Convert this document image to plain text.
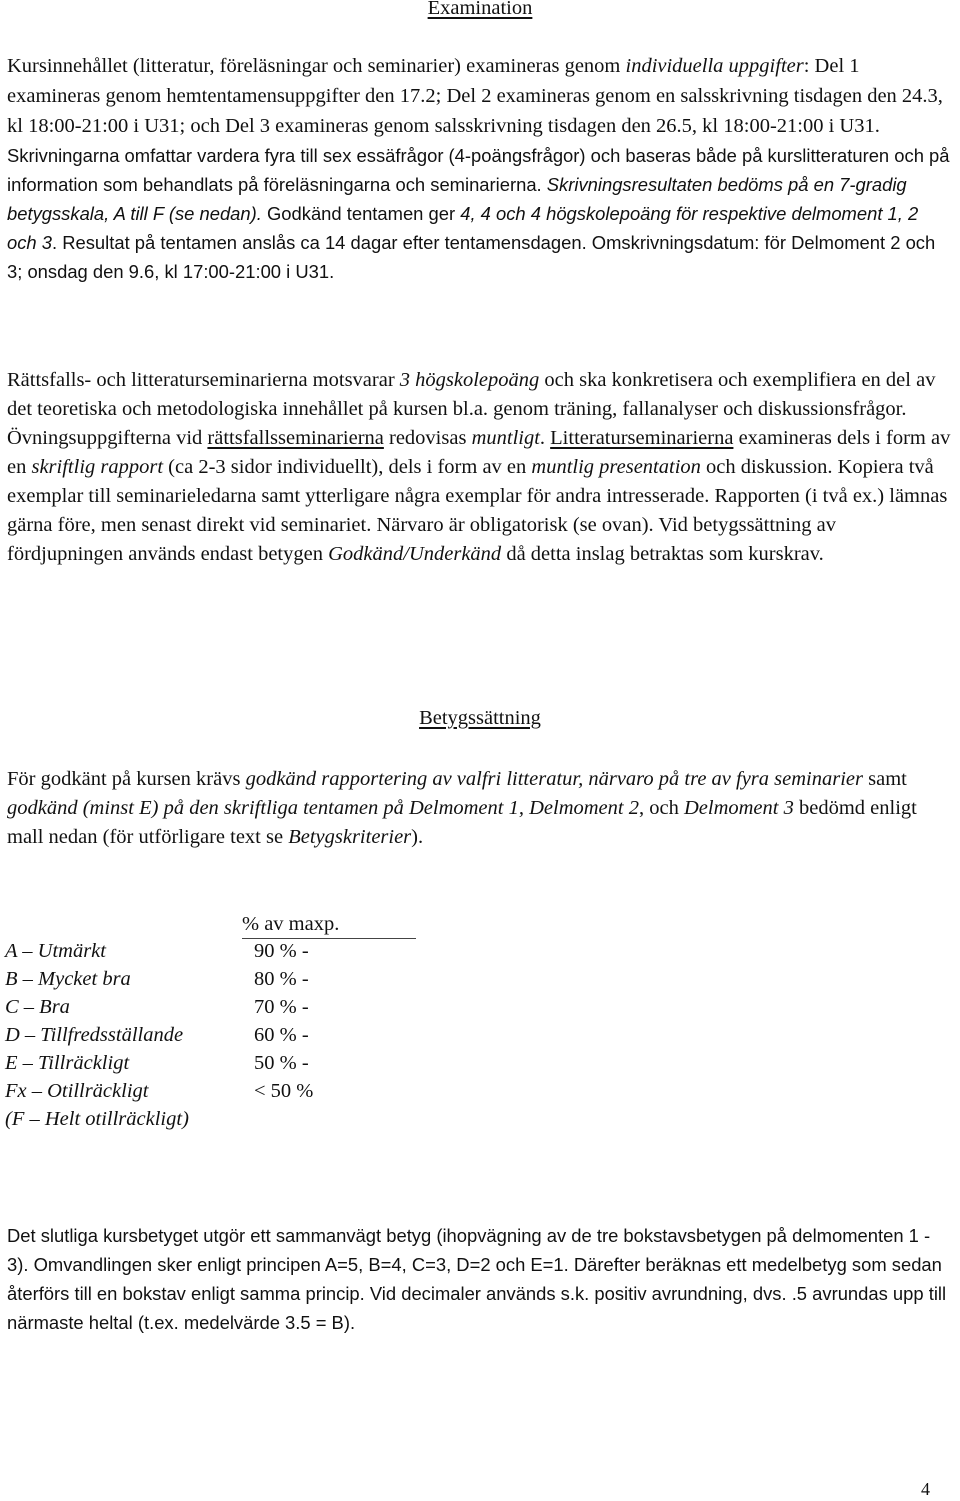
Examination

Kursinnehållet (litteratur, föreläsningar och seminarier) examineras genom individuella uppgifter: Del 1 examineras genom hemtentamensuppgifter den 17.2; Del 2 examineras genom en salsskrivning tisdagen den 24.3, kl 18:00-21:00 i U31; och Del 3 examineras genom salsskrivning tisdagen den 26.5, kl 18:00-21:00 i U31. Skrivningarna omfattar vardera fyra till sex essäfrågor (4-poängsfrågor) och baseras både på kurslitteraturen och på information som behandlats på föreläsningarna och seminarierna. Skrivningsresultaten bedöms på en 7-gradig betygsskala, A till F (se nedan). Godkänd tentamen ger 4, 4 och 4 högskolepoäng för respektive delmoment 1, 2 och 3. Resultat på tentamen anslås ca 14 dagar efter tentamensdagen. Omskrivningsdatum: för Delmoment 2 och 3; onsdag den 9.6, kl 17:00-21:00 i U31.

Rättsfalls- och litteraturseminarierna motsvarar 3 högskolepoäng och ska konkretisera och exemplifiera en del av det teoretiska och metodologiska innehållet på kursen bl.a. genom träning, fallanalyser och diskussionsfrågor. Övningsuppgifterna vid rättsfallsseminarierna redovisas muntligt. Litteraturseminarierna examineras dels i form av en skriftlig rapport (ca 2-3 sidor individuellt), dels i form av en muntlig presentation och diskussion. Kopiera två exemplar till seminarieledarna samt ytterligare några exemplar för andra intresserade. Rapporten (i två ex.) lämnas gärna före, men senast direkt vid seminariet. Närvaro är obligatorisk (se ovan). Vid betygssättning av fördjupningen används endast betygen Godkänd/Underkänd då detta inslag betraktas som kurskrav.

Betygssättning

För godkänt på kursen krävs godkänd rapportering av valfri litteratur, närvaro på tre av fyra seminarier samt godkänd (minst E) på den skriftliga tentamen på Delmoment 1, Delmoment 2, och Delmoment 3 bedömd enligt mall nedan (för utförligare text se Betygskriterier).

% av maxp.
A – Utmärkt	90 % -
B – Mycket bra	80 % -
C – Bra	70 % -
D – Tillfredsställande	60 % -
E – Tillräckligt	50 % -
Fx – Otillräckligt	< 50 %
(F – Helt otillräckligt)

Det slutliga kursbetyget utgör ett sammanvägt betyg (ihopvägning av de tre bokstavsbetygen på delmomenten 1 - 3). Omvandlingen sker enligt principen A=5, B=4, C=3, D=2 och E=1. Därefter beräknas ett medelbetyg som sedan återförs till en bokstav enligt samma princip. Vid decimaler används s.k. positiv avrundning, dvs. .5 avrundas upp till närmaste heltal (t.ex. medelvärde 3.5 = B).

4
